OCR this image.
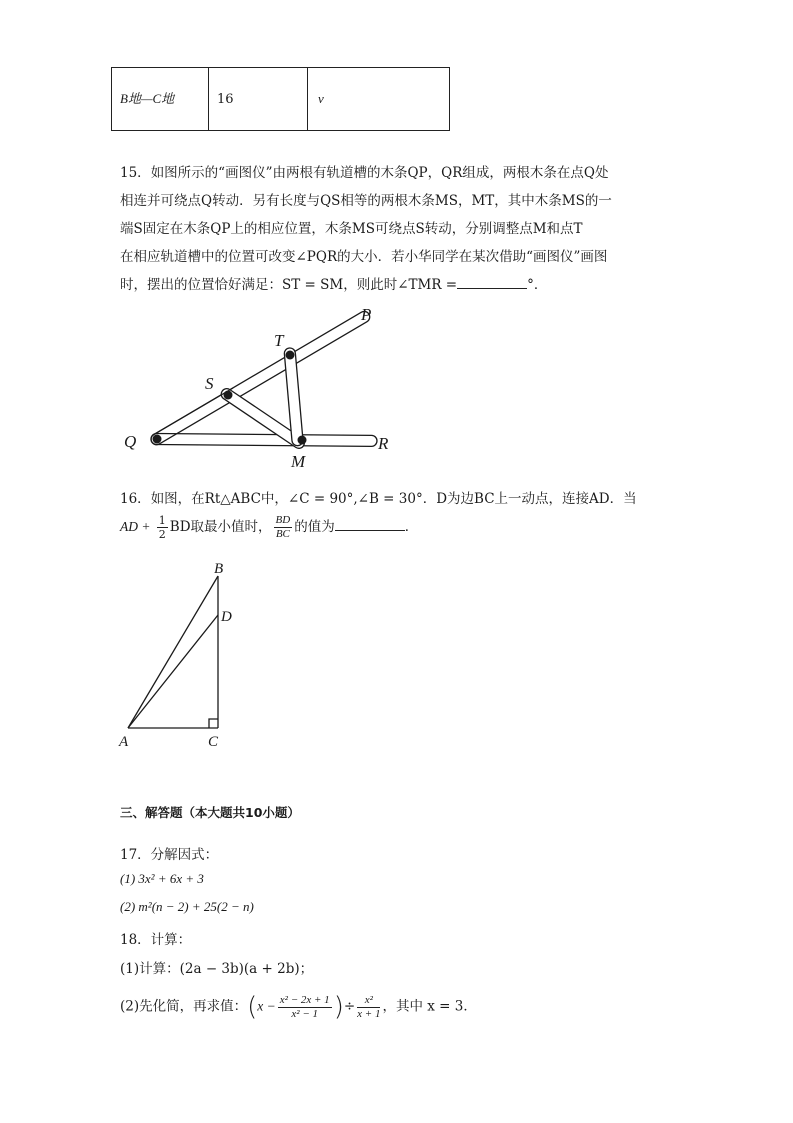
B地—C地	16	v
15．如图所示的“画图仪”由两根有轨道槽的木条QP，QR组成，两根木条在点Q处
相连并可绕点Q转动．另有长度与QS相等的两根木条MS，MT，其中木条MS的一
端S固定在木条QP上的相应位置，木条MS可绕点S转动，分别调整点M和点T
在相应轨道槽中的位置可改变∠PQR的大小．若小华同学在某次借助“画图仪”画图
时，摆出的位置恰好满足：ST = SM，则此时∠TMR =	°．
P
T
S
Q
M
R
16．如图，在Rt△ABC中，∠C = 90°,∠B = 30°．D为边BC上一动点，连接AD．当
AD + $\frac{1}{2}$ BD取最小值时， $\frac{BD}{BC}$ 的值为	．
B
D
A	C
三、解答题（本大题共10小题）
17．分解因式：
(1) 3x² + 6x + 3
(2) m²(n − 2) + 25(2 − n)
18．计算：
(1)计算：(2a − 3b)(a + 2b)；
(2)先化简，再求值：($x - \frac{\text{x² − 2x + 1}}{\text{x² − 1}}$ )÷ $\frac{\text{x²}}{x + 1}$ ，其中 x = 3．
